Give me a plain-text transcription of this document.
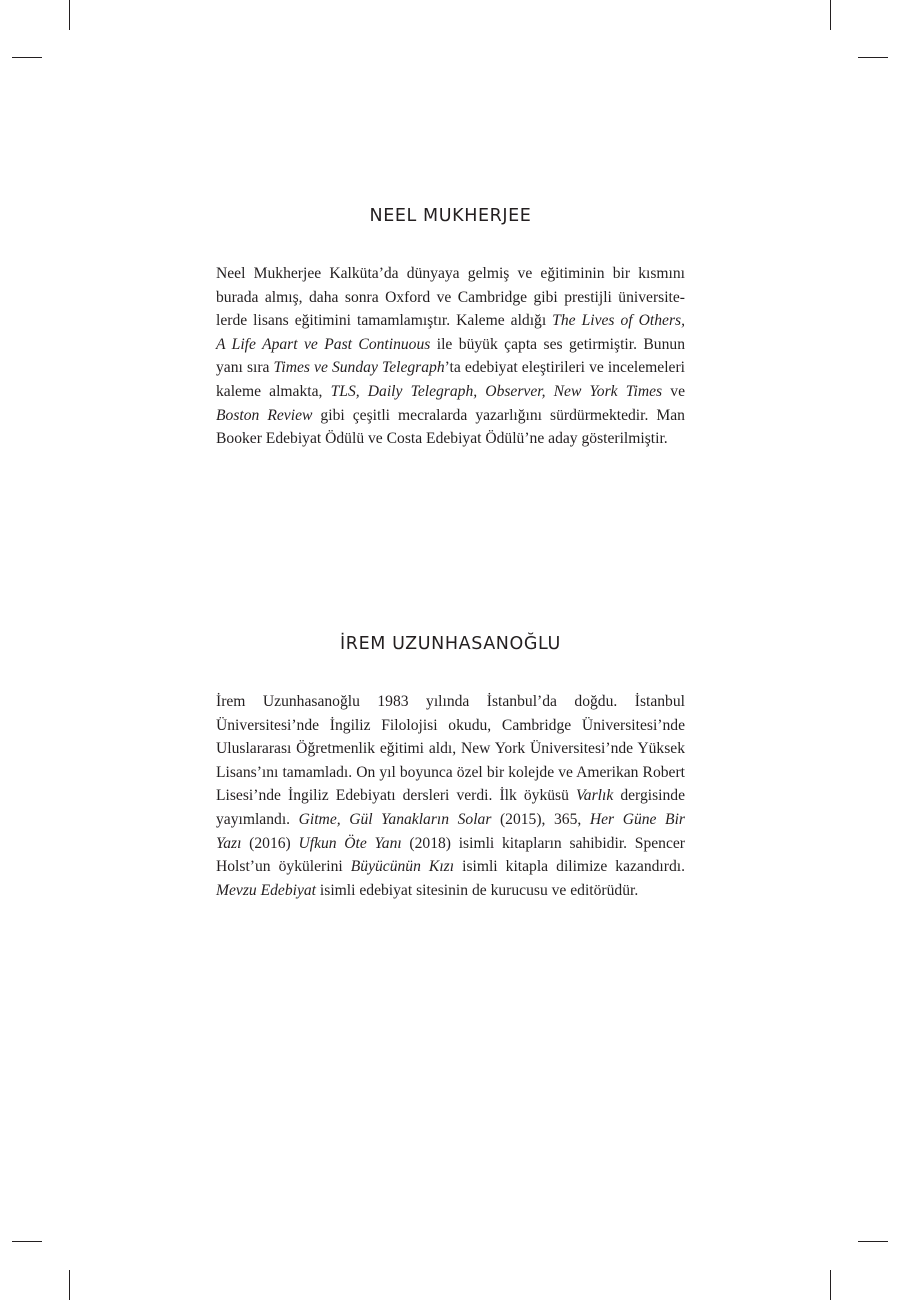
NEEL MUKHERJEE

Neel Mukherjee Kalküta’da dünyaya gelmiş ve eğitiminin bir kısmını
burada almış, daha sonra Oxford ve Cambridge gibi prestijli üniversite-
lerde lisans eğitimini tamamlamıştır. Kaleme aldığı The Lives of Others,
A Life Apart ve Past Continuous ile büyük çapta ses getirmiştir. Bunun
yanı sıra Times ve Sunday Telegraph’ta edebiyat eleştirileri ve incelemeleri
kaleme almakta, TLS, Daily Telegraph, Observer, New York Times ve
Boston Review gibi çeşitli mecralarda yazarlığını sürdürmektedir. Man
Booker Edebiyat Ödülü ve Costa Edebiyat Ödülü’ne aday gösterilmiştir.

İREM UZUNHASANOĞLU

İrem Uzunhasanoğlu 1983 yılında İstanbul’da doğdu. İstanbul
Üniversitesi’nde İngiliz Filolojisi okudu, Cambridge Üniversitesi’nde
Uluslararası Öğretmenlik eğitimi aldı, New York Üniversitesi’nde Yüksek
Lisans’ını tamamladı. On yıl boyunca özel bir kolejde ve Amerikan Robert
Lisesi’nde İngiliz Edebiyatı dersleri verdi. İlk öyküsü Varlık dergisinde
yayımlandı. Gitme, Gül Yanakların Solar (2015), 365, Her Güne Bir
Yazı (2016) Ufkun Öte Yanı (2018) isimli kitapların sahibidir. Spencer
Holst’un öykülerini Büyücünün Kızı isimli kitapla dilimize kazandırdı.
Mevzu Edebiyat isimli edebiyat sitesinin de kurucusu ve editörüdür.
